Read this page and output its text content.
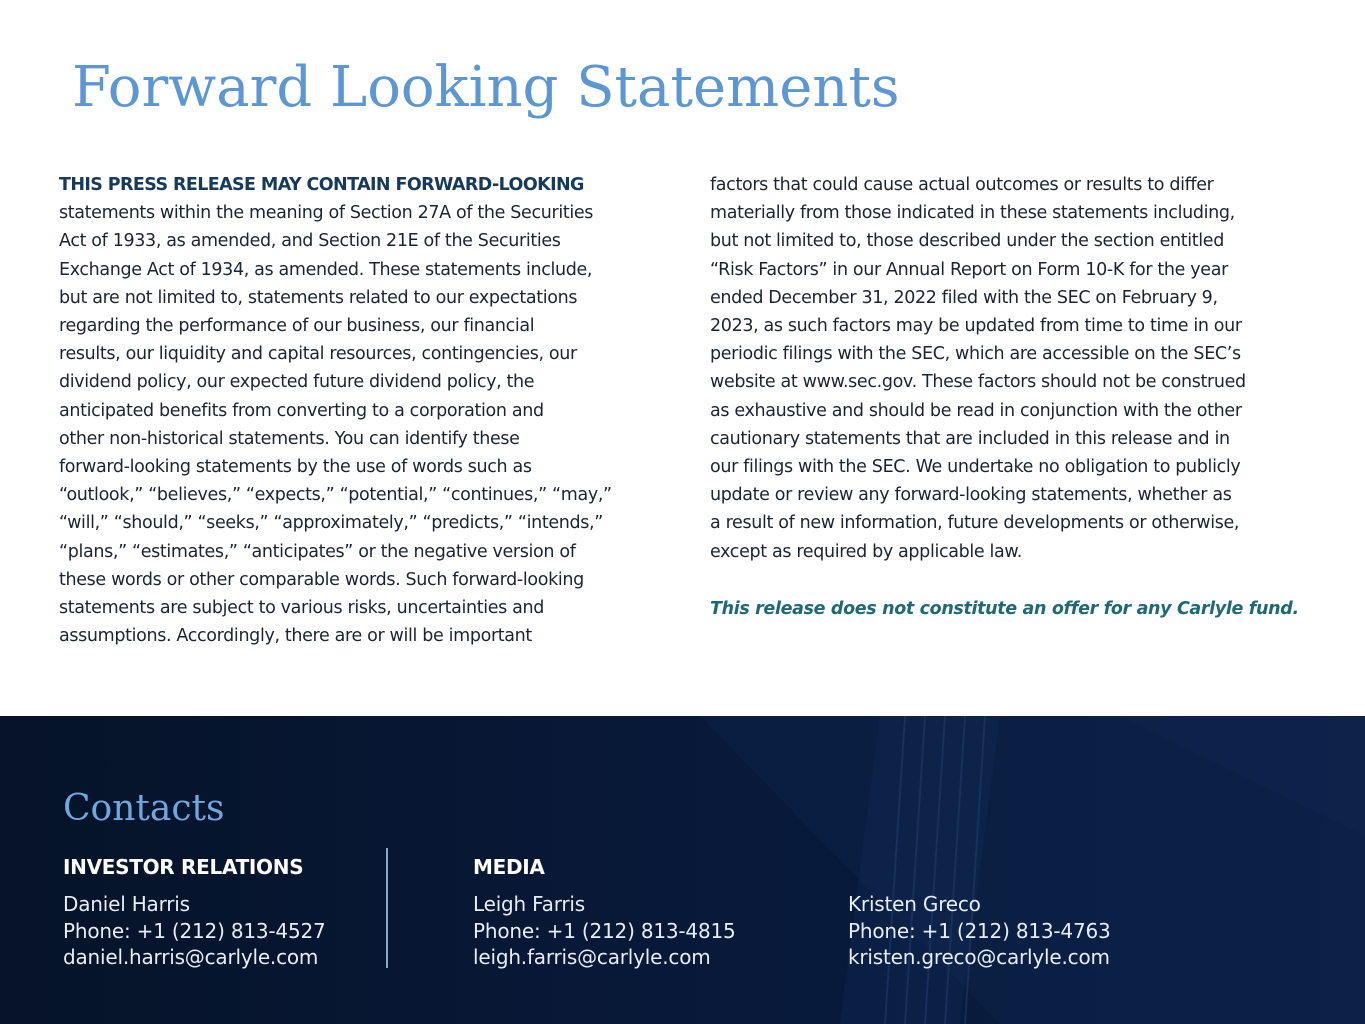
Forward Looking Statements
THIS PRESS RELEASE MAY CONTAIN FORWARD-LOOKING
statements within the meaning of Section 27A of the Securities
Act of 1933, as amended, and Section 21E of the Securities
Exchange Act of 1934, as amended. These statements include,
but are not limited to, statements related to our expectations
regarding the performance of our business, our financial
results, our liquidity and capital resources, contingencies, our
dividend policy, our expected future dividend policy, the
anticipated benefits from converting to a corporation and
other non-historical statements. You can identify these
forward-looking statements by the use of words such as
“outlook,” “believes,” “expects,” “potential,” “continues,” “may,”
“will,” “should,” “seeks,” “approximately,” “predicts,” “intends,”
“plans,” “estimates,” “anticipates” or the negative version of
these words or other comparable words. Such forward-looking
statements are subject to various risks, uncertainties and
assumptions. Accordingly, there are or will be important
factors that could cause actual outcomes or results to differ
materially from those indicated in these statements including,
but not limited to, those described under the section entitled
“Risk Factors” in our Annual Report on Form 10-K for the year
ended December 31, 2022 filed with the SEC on February 9,
2023, as such factors may be updated from time to time in our
periodic filings with the SEC, which are accessible on the SEC’s
website at www.sec.gov. These factors should not be construed
as exhaustive and should be read in conjunction with the other
cautionary statements that are included in this release and in
our filings with the SEC. We undertake no obligation to publicly
update or review any forward-looking statements, whether as
a result of new information, future developments or otherwise,
except as required by applicable law.

This release does not constitute an offer for any Carlyle fund.

Contacts
INVESTOR RELATIONS
Daniel Harris
Phone: +1 (212) 813-4527
daniel.harris@carlyle.com
MEDIA
Leigh Farris
Phone: +1 (212) 813-4815
leigh.farris@carlyle.com
Kristen Greco
Phone: +1 (212) 813-4763
kristen.greco@carlyle.com
